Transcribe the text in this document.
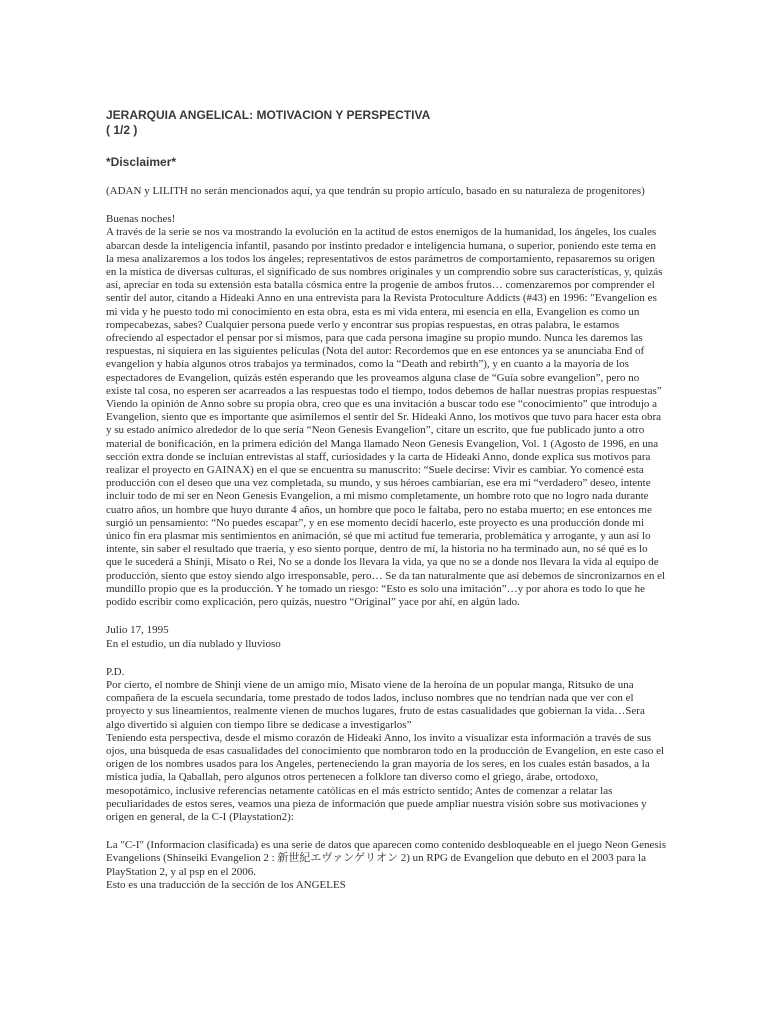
JERARQUIA ANGELICAL: MOTIVACION Y PERSPECTIVA
( 1/2 )
*Disclaimer*

(ADAN y LILITH no serán mencionados aquí, ya que tendrán su propio artículo, basado en su naturaleza de progenitores)

Buenas noches!

A través de la serie se nos va mostrando la evolución en la actitud de estos enemigos de la humanidad, los ángeles, los cuales abarcan desde la inteligencia infantil, pasando por instinto predador e inteligencia humana, o superior, poniendo este tema en la mesa analizaremos a los todos los ángeles; representativos de estos parámetros de comportamiento, repasaremos su origen en la mística de diversas culturas, el significado de sus nombres originales y un comprendio sobre sus características, y, quizás así, apreciar en toda su extensión esta batalla cósmica entre la progenie de ambos frutos… comenzaremos por comprender el sentir del autor, citando a Hideaki Anno en una entrevista para la Revista Protoculture Addicts (#43) en 1996: "Evangelion es mi vida y he puesto todo mi conocimiento en esta obra, esta es mi vida entera, mi esencia en ella, Evangelion es como un rompecabezas, sabes? Cualquier persona puede verlo y encontrar sus propias respuestas, en otras palabra, le estamos ofreciendo al espectador el pensar por si mismos, para que cada persona imagine su propio mundo. Nunca les daremos las respuestas, ni siquiera en las siguientes películas (Nota del autor: Recordemos que en ese entonces ya se anunciaba End of evangelion y había algunos otros trabajos ya terminados, como la “Death and rebirth”), y en cuanto a la mayoría de los espectadores de Evangelion, quizás estén esperando que les proveamos alguna clase de “Guía sobre evangelion”, pero no existe tal cosa, no esperen ser acarreados a las respuestas todo el tiempo, todos debemos de hallar nuestras propias respuestas”

Viendo la opinión de Anno sobre su propia obra, creo que es una invitación a buscar todo ese “conocimiento” que introdujo a Evangelion, siento que es importante que asimilemos el sentir del Sr. Hideaki Anno, los motivos que tuvo para hacer esta obra y su estado anímico alrededor de lo que sería “Neon Genesis Evangelion”, citare un escrito, que fue publicado junto a otro material de bonificación, en la primera edición del Manga llamado Neon Genesis Evangelion, Vol. 1 (Agosto de 1996, en una sección extra donde se incluían entrevistas al staff, curiosidades y la carta de Hideaki Anno, donde explica sus motivos para realizar el proyecto en GAINAX) en el que se encuentra su manuscrito: “Suele decirse: Vivir es cambiar. Yo comencé esta producción con el deseo que una vez completada, su mundo, y sus héroes cambiarían, ese era mi “verdadero” deseo, intente incluir todo de mi ser en Neon Genesis Evangelion, a mi mismo completamente, un hombre roto que no logro nada durante cuatro años, un hombre que huyo durante 4 años, un hombre que poco le faltaba, pero no estaba muerto; en ese entonces me surgió un pensamiento: “No puedes escapar”, y en ese momento decidí hacerlo, este proyecto es una producción donde mi único fin era plasmar mis sentimientos en animación, sé que mi actitud fue temeraria, problemática y arrogante, y aun así lo intente, sin saber el resultado que traería, y eso siento porque, dentro de mí, la historia no ha terminado aun, no sé qué es lo que le sucederá a Shinji, Misato o Rei, No se a donde los llevara la vida, ya que no se a donde nos llevara la vida al equipo de producción, siento que estoy siendo algo irresponsable, pero… Se da tan naturalmente que así debemos de sincronizarnos en el mundillo propio que es la producción. Y he tomado un riesgo: “Esto es solo una imitación”…y por ahora es todo lo que he podido escribir como explicación, pero quizás, nuestro “Original” yace por ahí, en algún lado.

Julio 17, 1995

En el estudio, un día nublado y lluvioso

P.D.

Por cierto, el nombre de Shinji viene de un amigo mío, Misato viene de la heroína de un popular manga, Ritsuko de una compañera de la escuela secundaria, tome prestado de todos lados, incluso nombres que no tendrían nada que ver con el proyecto y sus lineamientos, realmente vienen de muchos lugares, fruto de estas casualidades que gobiernan la vida…Sera algo divertido si alguien con tiempo libre se dedicase a investigarlos”

Teniendo esta perspectiva, desde el mismo corazón de Hideaki Anno, los invito a visualizar esta información a través de sus ojos, una búsqueda de esas casualidades del conocimiento que nombraron todo en la producción de Evangelion, en este caso el origen de los nombres usados para los Angeles, perteneciendo la gran mayoría de los seres, en los cuales están basados, a la mística judía, la Qaballah, pero algunos otros pertenecen a folklore tan diverso como el griego, árabe, ortodoxo, mesopotámico, inclusive referencias netamente católicas en el más estricto sentido; Antes de comenzar a relatar las peculiaridades de estos seres, veamos una pieza de información que puede ampliar nuestra visión sobre sus motivaciones y origen en general, de la C-I (Playstation2):

La "C-I" (Informacion clasificada) es una serie de datos que aparecen como contenido desbloqueable en el juego Neon Genesis Evangelions (Shinseiki Evangelion 2 : 新世紀エヴァンゲリオン 2) un RPG de Evangelion que debuto en el 2003 para la PlayStation 2, y al psp en el 2006.

Esto es una traducción de la sección de los ANGELES
